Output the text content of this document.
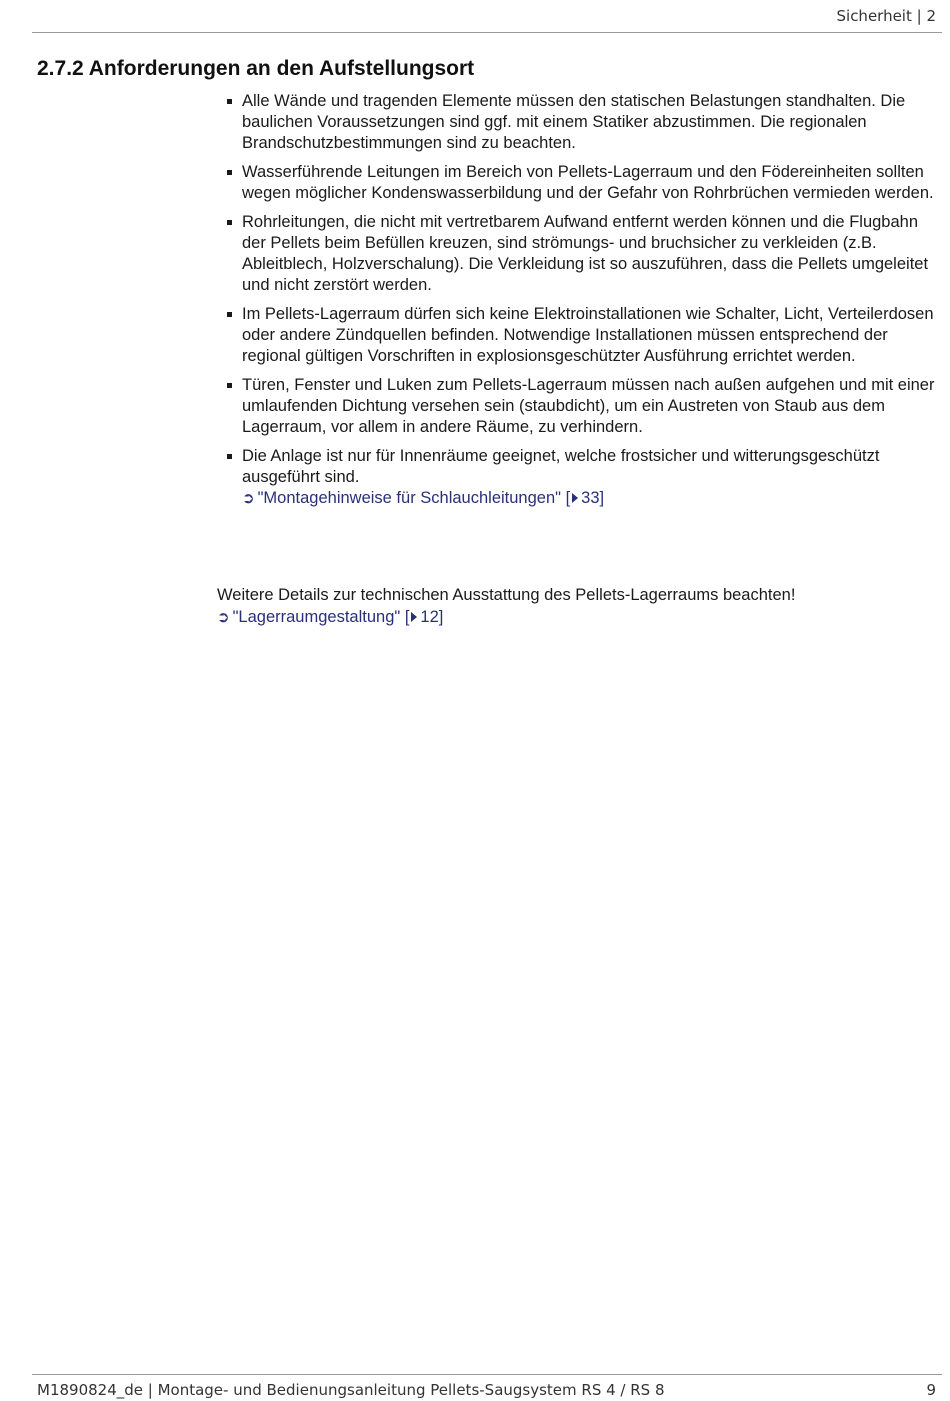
Sicherheit | 2
2.7.2 Anforderungen an den Aufstellungsort
Alle Wände und tragenden Elemente müssen den statischen Belastungen standhalten. Die baulichen Voraussetzungen sind ggf. mit einem Statiker abzustimmen. Die regionalen Brandschutzbestimmungen sind zu beachten.
Wasserführende Leitungen im Bereich von Pellets-Lagerraum und den Födereinheiten sollten wegen möglicher Kondenswasserbildung und der Gefahr von Rohrbrüchen vermieden werden.
Rohrleitungen, die nicht mit vertretbarem Aufwand entfernt werden können und die Flugbahn der Pellets beim Befüllen kreuzen, sind strömungs- und bruchsicher zu verkleiden (z.B. Ableitblech, Holzverschalung). Die Verkleidung ist so auszuführen, dass die Pellets umgeleitet und nicht zerstört werden.
Im Pellets-Lagerraum dürfen sich keine Elektroinstallationen wie Schalter, Licht, Verteilerdosen oder andere Zündquellen befinden. Notwendige Installationen müssen entsprechend der regional gültigen Vorschriften in explosionsgeschützter Ausführung errichtet werden.
Türen, Fenster und Luken zum Pellets-Lagerraum müssen nach außen aufgehen und mit einer umlaufenden Dichtung versehen sein (staubdicht), um ein Austreten von Staub aus dem Lagerraum, vor allem in andere Räume, zu verhindern.
Die Anlage ist nur für Innenräume geeignet, welche frostsicher und witterungsgeschützt ausgeführt sind.
➲ "Montagehinweise für Schlauchleitungen" [ 33]
Weitere Details zur technischen Ausstattung des Pellets-Lagerraums beachten!
➲ "Lagerraumgestaltung" [ 12]
M1890824_de | Montage- und Bedienungsanleitung Pellets-Saugsystem RS 4 / RS 8	9
